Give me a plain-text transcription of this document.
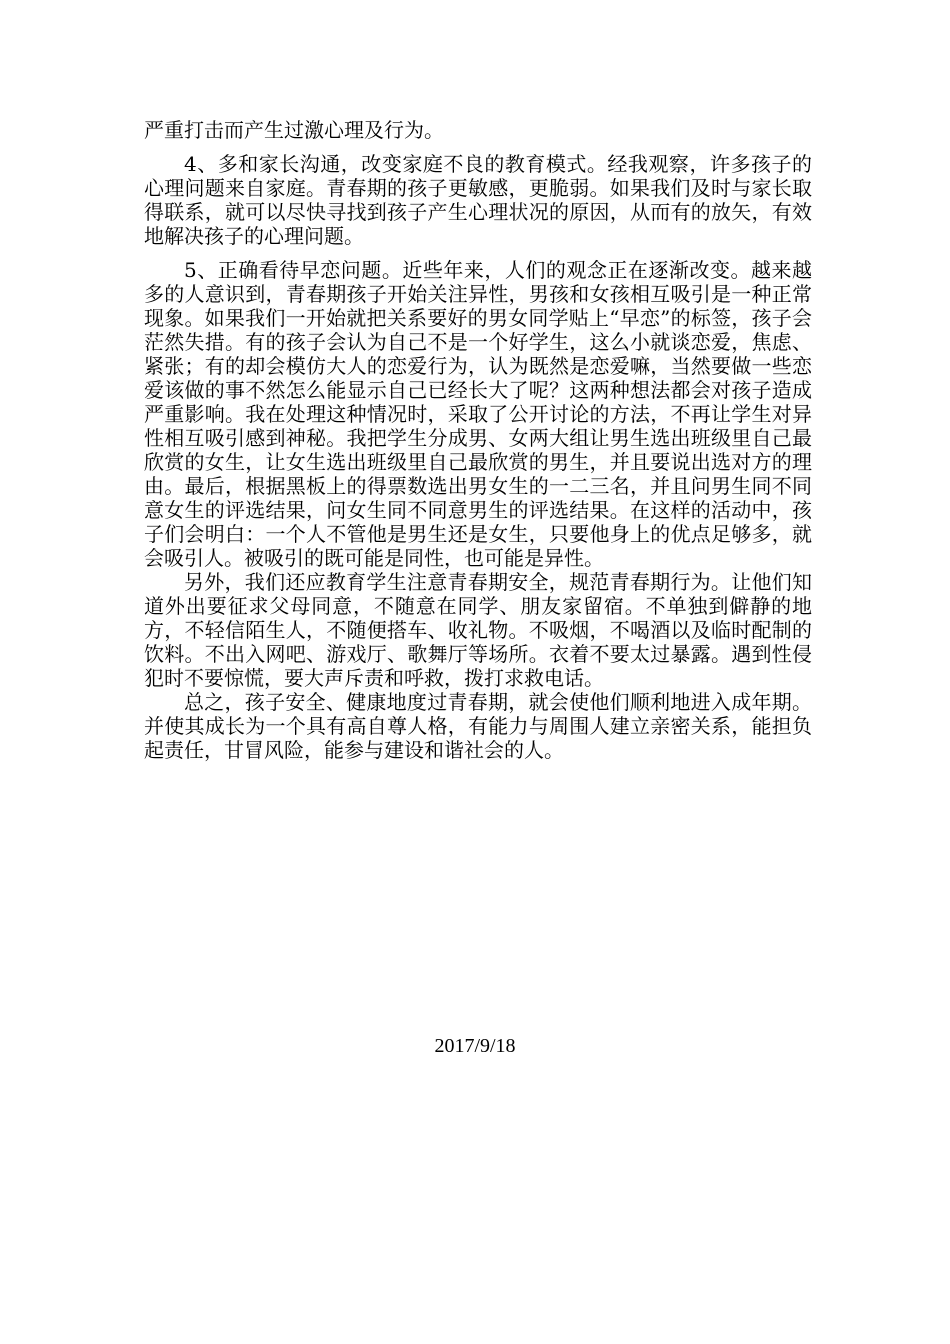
严重打击而产生过激心理及行为。

4、多和家长沟通，改变家庭不良的教育模式。经我观察，许多孩子的心理问题来自家庭。青春期的孩子更敏感，更脆弱。如果我们及时与家长取得联系，就可以尽快寻找到孩子产生心理状况的原因，从而有的放矢，有效地解决孩子的心理问题。

5、正确看待早恋问题。近些年来，人们的观念正在逐渐改变。越来越多的人意识到，青春期孩子开始关注异性，男孩和女孩相互吸引是一种正常现象。如果我们一开始就把关系要好的男女同学贴上“早恋”的标签，孩子会茫然失措。有的孩子会认为自己不是一个好学生，这么小就谈恋爱，焦虑、紧张；有的却会模仿大人的恋爱行为，认为既然是恋爱嘛，当然要做一些恋爱该做的事不然怎么能显示自己已经长大了呢？这两种想法都会对孩子造成严重影响。我在处理这种情况时，采取了公开讨论的方法，不再让学生对异性相互吸引感到神秘。我把学生分成男、女两大组让男生选出班级里自己最欣赏的女生，让女生选出班级里自己最欣赏的男生，并且要说出选对方的理由。最后，根据黑板上的得票数选出男女生的一二三名，并且问男生同不同意女生的评选结果，问女生同不同意男生的评选结果。在这样的活动中，孩子们会明白：一个人不管他是男生还是女生，只要他身上的优点足够多，就会吸引人。被吸引的既可能是同性，也可能是异性。

另外，我们还应教育学生注意青春期安全，规范青春期行为。让他们知道外出要征求父母同意，不随意在同学、朋友家留宿。不单独到僻静的地方，不轻信陌生人，不随便搭车、收礼物。不吸烟，不喝酒以及临时配制的饮料。不出入网吧、游戏厅、歌舞厅等场所。衣着不要太过暴露。遇到性侵犯时不要惊慌，要大声斥责和呼救，拨打求救电话。

总之，孩子安全、健康地度过青春期，就会使他们顺利地进入成年期。并使其成长为一个具有高自尊人格，有能力与周围人建立亲密关系，能担负起责任，甘冒风险，能参与建设和谐社会的人。

2017/9/18
